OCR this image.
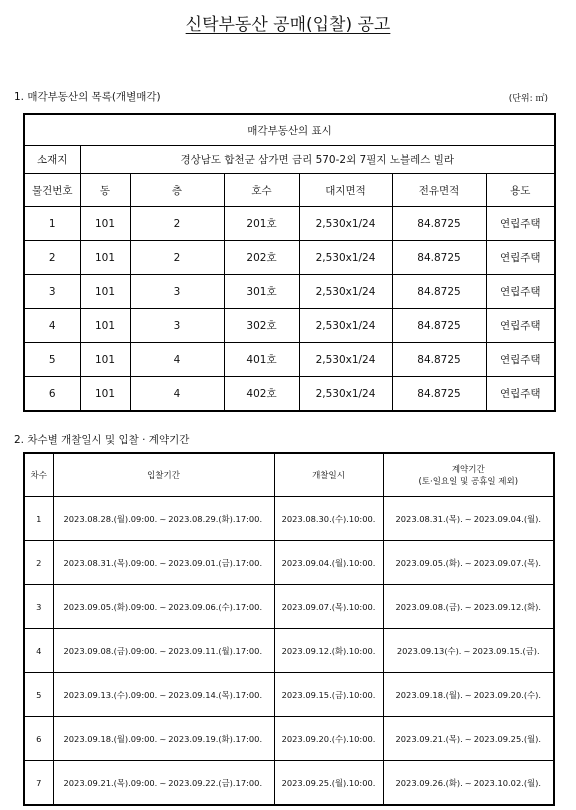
신탁부동산 공매(입찰) 공고
1. 매각부동산의 목록(개별매각)	(단위: ㎡)
매각부동산의 표시						
소재지	경상남도 합천군 삼가면 금리 570-2외 7필지 노블레스 빌라					
물건번호	동	층	호수	대지면적	전유면적	용도
1	101	2	201호	2,530x1/24	84.8725	연립주택
2	101	2	202호	2,530x1/24	84.8725	연립주택
3	101	3	301호	2,530x1/24	84.8725	연립주택
4	101	3	302호	2,530x1/24	84.8725	연립주택
5	101	4	401호	2,530x1/24	84.8725	연립주택
6	101	4	402호	2,530x1/24	84.8725	연립주택
2. 차수별 개찰일시 및 입찰 · 계약기간
차수	입찰기간	개찰일시	계약기간
(토·일요일 및 공휴일 제외)

1	2023.08.28.(월).09:00. ~ 2023.08.29.(화).17:00.	2023.08.30.(수).10:00.	2023.08.31.(목). ~ 2023.09.04.(월).
2	2023.08.31.(목).09:00. ~ 2023.09.01.(금).17:00.	2023.09.04.(월).10:00.	2023.09.05.(화). ~ 2023.09.07.(목).
3	2023.09.05.(화).09:00. ~ 2023.09.06.(수).17:00.	2023.09.07.(목).10:00.	2023.09.08.(금). ~ 2023.09.12.(화).
4	2023.09.08.(금).09:00. ~ 2023.09.11.(월).17:00.	2023.09.12.(화).10:00.	2023.09.13(수). ~ 2023.09.15.(금).
5	2023.09.13.(수).09:00. ~ 2023.09.14.(목).17:00.	2023.09.15.(금).10:00.	2023.09.18.(월). ~ 2023.09.20.(수).
6	2023.09.18.(월).09:00. ~ 2023.09.19.(화).17:00.	2023.09.20.(수).10:00.	2023.09.21.(목). ~ 2023.09.25.(월).
7	2023.09.21.(목).09:00. ~ 2023.09.22.(금).17:00.	2023.09.25.(월).10:00.	2023.09.26.(화). ~ 2023.10.02.(월).
